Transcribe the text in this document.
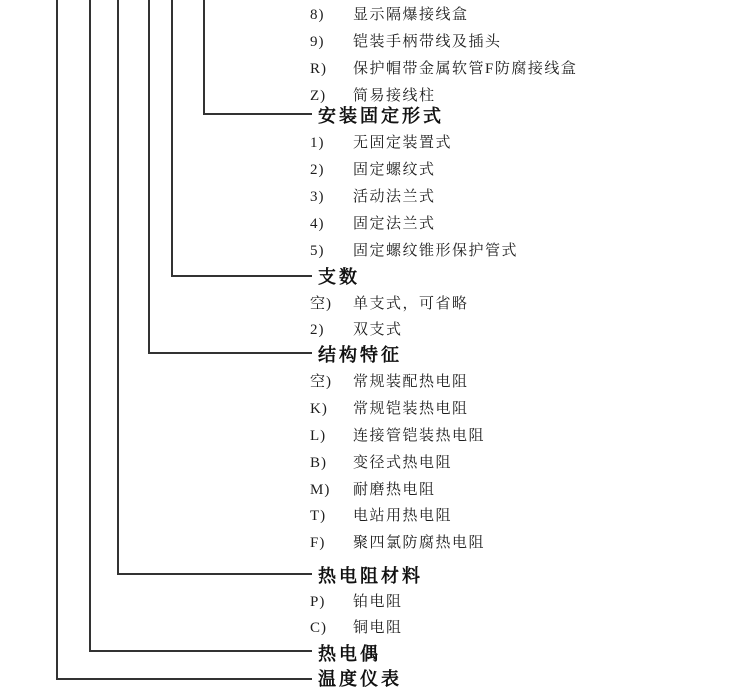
8) 显示隔爆接线盒
9) 铠装手柄带线及插头
R) 保护帽带金属软管F防腐接线盒
Z) 简易接线柱
安装固定形式
1) 无固定装置式
2) 固定螺纹式
3) 活动法兰式
4) 固定法兰式
5) 固定螺纹锥形保护管式
支数
空) 单支式，可省略
2) 双支式
结构特征
空) 常规装配热电阻
K) 常规铠装热电阻
L) 连接管铠装热电阻
B) 变径式热电阻
M) 耐磨热电阻
T) 电站用热电阻
F) 聚四氯防腐热电阻
热电阻材料
P) 铂电阻
C) 铜电阻
热电偶
温度仪表
